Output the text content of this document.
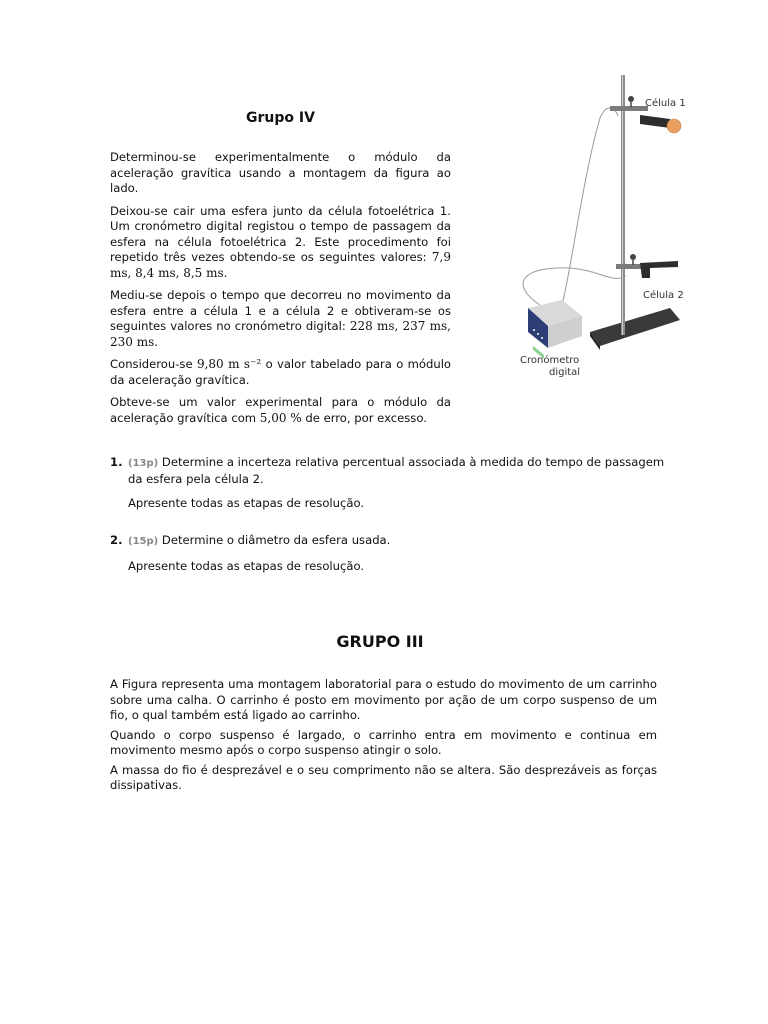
Grupo IV

Determinou-se experimentalmente o módulo da aceleração gravítica usando a montagem da figura ao lado.

Deixou-se cair uma esfera junto da célula fotoelétrica 1. Um cronómetro digital registou o tempo de passagem da esfera na célula fotoelétrica 2. Este procedimento foi repetido três vezes obtendo-se os seguintes valores: 7,9 ms, 8,4 ms, 8,5 ms.

Mediu-se depois o tempo que decorreu no movimento da esfera entre a célula 1 e a célula 2 e obtiveram-se os seguintes valores no cronómetro digital: 228 ms, 237 ms, 230 ms.

Considerou-se 9,80 m s⁻² o valor tabelado para o módulo da aceleração gravítica.

Obteve-se um valor experimental para o módulo da aceleração gravítica com 5,00 % de erro, por excesso.

Célula 1
Célula 2
Cronómetro
digital
1. (13p) Determine a incerteza relativa percentual associada à medida do tempo de passagem da esfera pela célula 2.
Apresente todas as etapas de resolução.
2. (15p) Determine o diâmetro da esfera usada.
Apresente todas as etapas de resolução.
GRUPO III

A Figura representa uma montagem laboratorial para o estudo do movimento de um carrinho sobre uma calha. O carrinho é posto em movimento por ação de um corpo suspenso de um fio, o qual também está ligado ao carrinho.

Quando o corpo suspenso é largado, o carrinho entra em movimento e continua em movimento mesmo após o corpo suspenso atingir o solo.

A massa do fio é desprezável e o seu comprimento não se altera. São desprezáveis as forças dissipativas.
